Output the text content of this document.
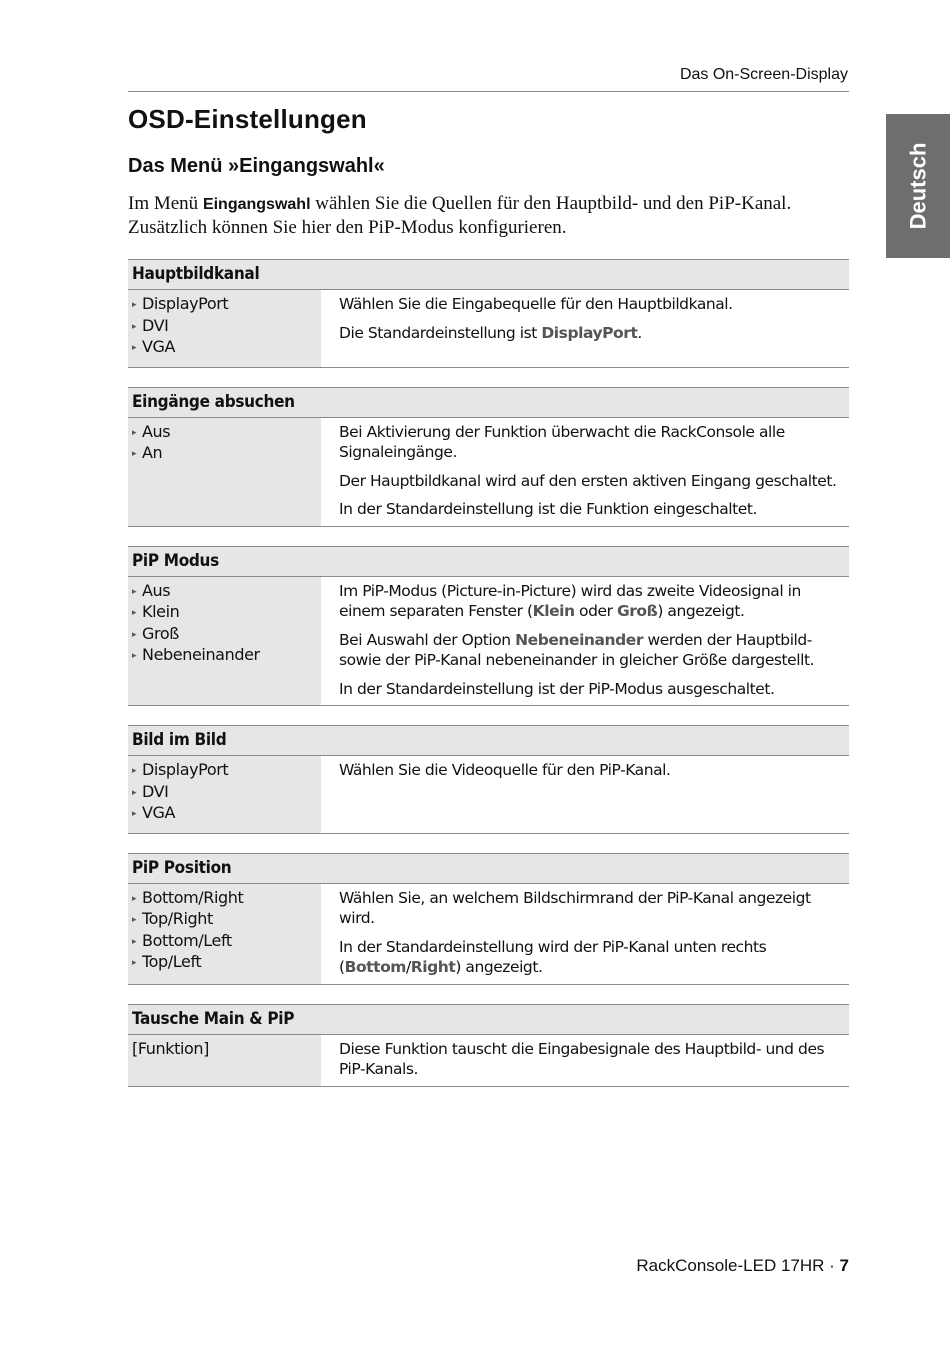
Das On-Screen-Display
Deutsch
OSD-Einstellungen
Das Menü »Eingangswahl«

Im Menü Eingangswahl wählen Sie die Quellen für den Hauptbild- und den PiP-Kanal. Zusätzlich können Sie hier den PiP-Modus konfigurieren.

Hauptbildkanal
▸ DisplayPort
▸ DVI
▸ VGA

Wählen Sie die Eingabequelle für den Hauptbildkanal.

Die Standardeinstellung ist DisplayPort.

Eingänge absuchen
▸ Aus
▸ An

Bei Aktivierung der Funktion überwacht die RackConsole alle Signaleingänge.

Der Hauptbildkanal wird auf den ersten aktiven Eingang geschaltet.

In der Standardeinstellung ist die Funktion eingeschaltet.

PiP Modus
▸ Aus
▸ Klein
▸ Groß
▸ Nebeneinander

Im PiP-Modus (Picture-in-Picture) wird das zweite Videosignal in einem separaten Fenster (Klein oder Groß) angezeigt.

Bei Auswahl der Option Nebeneinander werden der Hauptbild- sowie der PiP-Kanal nebeneinander in gleicher Größe dargestellt.

In der Standardeinstellung ist der PiP-Modus ausgeschaltet.

Bild im Bild
▸ DisplayPort
▸ DVI
▸ VGA

Wählen Sie die Videoquelle für den PiP-Kanal.

PiP Position
▸ Bottom/Right
▸ Top/Right
▸ Bottom/Left
▸ Top/Left

Wählen Sie, an welchem Bildschirmrand der PiP-Kanal angezeigt wird.

In der Standardeinstellung wird der PiP-Kanal unten rechts (Bottom/Right) angezeigt.

Tausche Main & PiP
[Funktion]	Diese Funktion tauscht die Eingabesignale des Hauptbild- und des PiP-Kanals.

RackConsole-LED 17HR · 7
